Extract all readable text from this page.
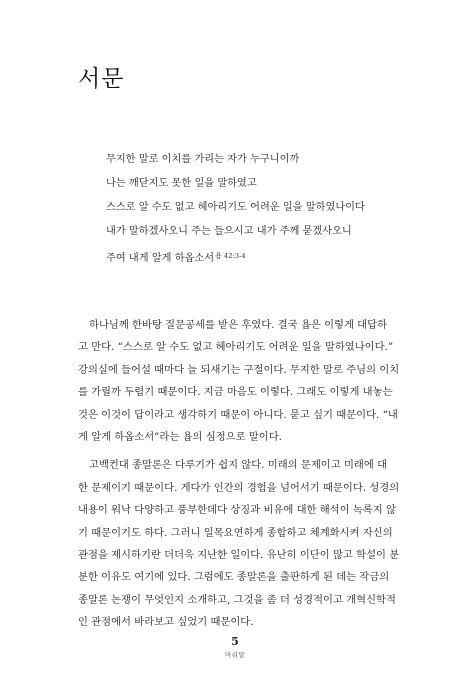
서문
무지한 말로 이치를 가리는 자가 누구니이까
나는 깨닫지도 못한 일을 말하였고
스스로 알 수도 없고 헤아리기도 어려운 일을 말하였나이다
내가 말하겠사오니 주는 들으시고 내가 주께 묻겠사오니
주여 내게 알게 하옵소서$^{욥 42:3-4}$
하나님께 한바탕 질문공세를 받은 후였다. 결국 욥은 이렇게 대답하
고 만다. “스스로 알 수도 없고 헤아리기도 어려운 일을 말하였나이다.”
강의실에 들어설 때마다 늘 되새기는 구절이다. 무지한 말로 주님의 이치
를 가릴까 두렵기 때문이다. 지금 마음도 이렇다. 그래도 이렇게 내놓는
것은 이것이 답이라고 생각하기 때문이 아니다. 묻고 싶기 때문이다. “내
게 알게 하옵소서”라는 욥의 심정으로 말이다.
고백컨대 종말론은 다루기가 쉽지 않다. 미래의 문제이고 미래에 대
한 문제이기 때문이다. 게다가 인간의 경험을 넘어서기 때문이다. 성경의
내용이 워낙 다양하고 풍부한데다 상징과 비유에 대한 해석이 녹록지 않
기 때문이기도 하다. 그러니 일목요연하게 종합하고 체계화시켜 자신의
관점을 제시하기란 더더욱 지난한 일이다. 유난히 이단이 많고 학설이 분
분한 이유도 여기에 있다. 그럼에도 종말론을 출판하게 된 데는 작금의
종말론 논쟁이 무엇인지 소개하고, 그것을 좀 더 성경적이고 개혁신학적
인 관점에서 바라보고 싶었기 때문이다.
5
머리말
